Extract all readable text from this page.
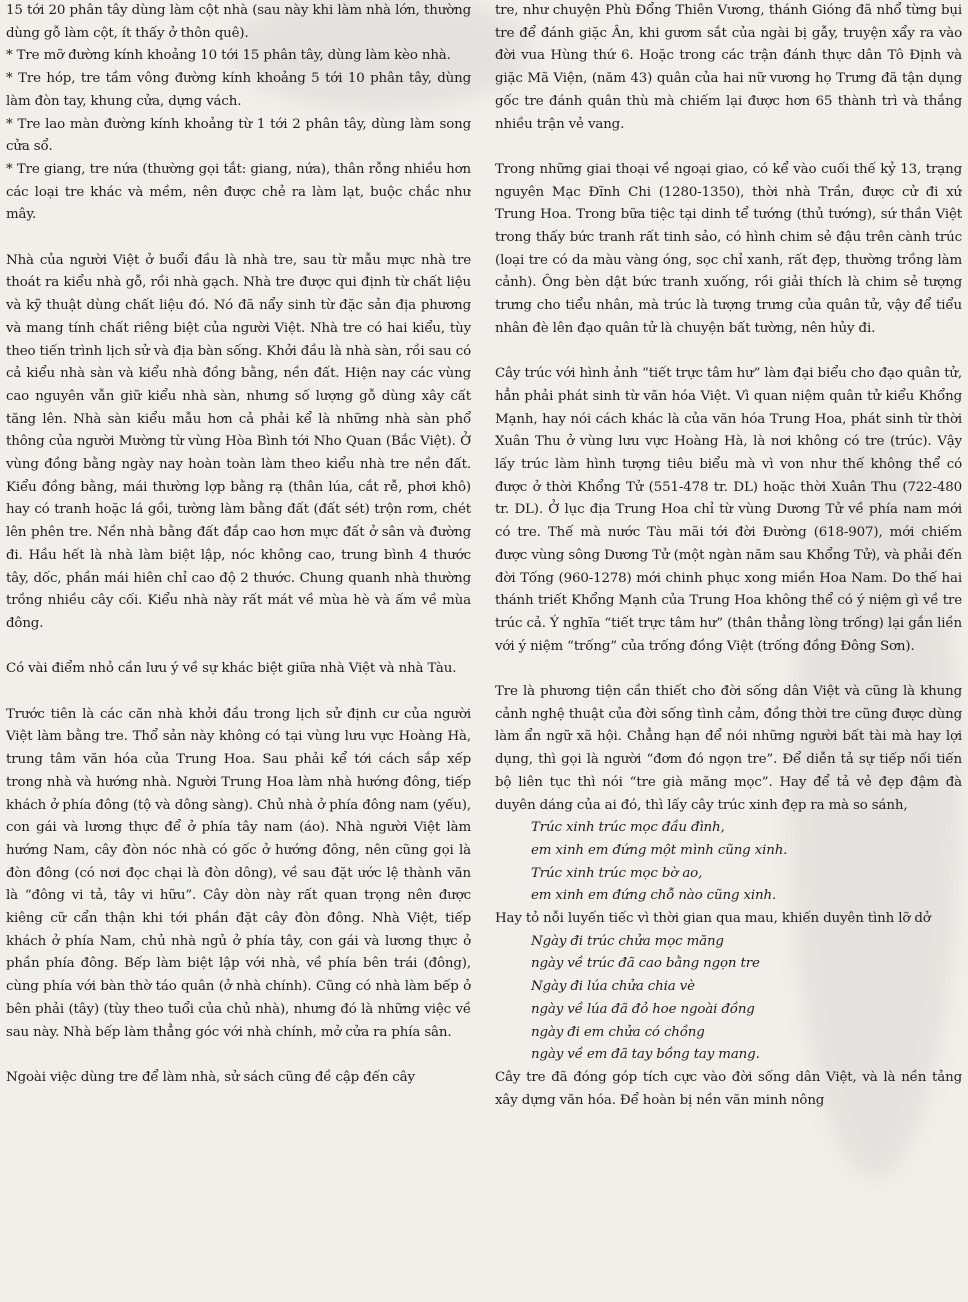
15 tới 20 phân tây dùng làm cột nhà (sau này khi làm nhà lớn, thường dùng gỗ làm cột, ít thấy ở thôn quê).

* Tre mỡ đường kính khoảng 10 tới 15 phân tây, dùng làm kèo nhà.

* Tre hóp, tre tầm vông đường kính khoảng 5 tới 10 phân tây, dùng làm đòn tay, khung cửa, dựng vách.

* Tre lao màn đường kính khoảng từ 1 tới 2 phân tây, dùng làm song cửa sổ.

* Tre giang, tre nứa (thường gọi tắt: giang, nứa), thân rỗng nhiều hơn các loại tre khác và mềm, nên được chẻ ra làm lạt, buộc chắc như mây.

Nhà của người Việt ở buổi đầu là nhà tre, sau từ mẫu mực nhà tre thoát ra kiểu nhà gỗ, rồi nhà gạch. Nhà tre được qui định từ chất liệu và kỹ thuật dùng chất liệu đó. Nó đã nẩy sinh từ đặc sản địa phương và mang tính chất riêng biệt của người Việt. Nhà tre có hai kiểu, tùy theo tiến trình lịch sử và địa bàn sống. Khởi đầu là nhà sàn, rồi sau có cả kiểu nhà sàn và kiểu nhà đồng bằng, nền đất. Hiện nay các vùng cao nguyên vẫn giữ kiểu nhà sàn, nhưng số lượng gỗ dùng xây cất tăng lên. Nhà sàn kiểu mẫu hơn cả phải kể là những nhà sàn phổ thông của người Mường từ vùng Hòa Bình tới Nho Quan (Bắc Việt). Ở vùng đồng bằng ngày nay hoàn toàn làm theo kiểu nhà tre nền đất. Kiểu đồng bằng, mái thường lợp bằng rạ (thân lúa, cắt rễ, phơi khô) hay có tranh hoặc lá gồi, tường làm bằng đất (đất sét) trộn rơm, chét lên phên tre. Nền nhà bằng đất đắp cao hơn mực đất ở sân và đường đi. Hầu hết là nhà làm biệt lập, nóc không cao, trung bình 4 thước tây, dốc, phần mái hiên chỉ cao độ 2 thước. Chung quanh nhà thường trồng nhiều cây cối. Kiểu nhà này rất mát về mùa hè và ấm về mùa đông.

Có vài điểm nhỏ cần lưu ý về sự khác biệt giữa nhà Việt và nhà Tàu.

Trước tiên là các căn nhà khởi đầu trong lịch sử định cư của người Việt làm bằng tre. Thổ sản này không có tại vùng lưu vực Hoàng Hà, trung tâm văn hóa của Trung Hoa. Sau phải kể tới cách sắp xếp trong nhà và hướng nhà. Người Trung Hoa làm nhà hướng đông, tiếp khách ở phía đông (tộ và dông sàng). Chủ nhà ở phía đông nam (yếu), con gái và lương thực để ở phía tây nam (áo). Nhà người Việt làm hướng Nam, cây đòn nóc nhà có gốc ở hướng đông, nên cũng gọi là đòn đông (có nơi đọc chại là đòn dông), về sau đặt ước lệ thành văn là “đông vi tả, tây vi hữu”. Cây dòn này rất quan trọng nên được kiêng cữ cẩn thận khi tới phần đặt cây đòn đông. Nhà Việt, tiếp khách ở phía Nam, chủ nhà ngủ ở phía tây, con gái và lương thực ở phần phía đông. Bếp làm biệt lập với nhà, về phía bên trái (đông), cùng phía với bàn thờ táo quân (ở nhà chính). Cũng có nhà làm bếp ở bên phải (tây) (tùy theo tuổi của chủ nhà), nhưng đó là những việc về sau này. Nhà bếp làm thẳng góc với nhà chính, mở cửa ra phía sân.

Ngoài việc dùng tre để làm nhà, sử sách cũng đề cập đến cây

tre, như chuyện Phù Đổng Thiên Vương, thánh Gióng đã nhổ từng bụi tre để đánh giặc Ân, khi gươm sắt của ngài bị gẫy, truyện xẩy ra vào đời vua Hùng thứ 6. Hoặc trong các trận đánh thực dân Tô Định và giặc Mã Viện, (năm 43) quân của hai nữ vương họ Trưng đã tận dụng gốc tre đánh quân thù mà chiếm lại được hơn 65 thành trì và thắng nhiều trận vẻ vang.

Trong những giai thoại về ngoại giao, có kể vào cuối thế kỷ 13, trạng nguyên Mạc Đĩnh Chi (1280-1350), thời nhà Trần, được cử đi xứ Trung Hoa. Trong bữa tiệc tại dinh tể tướng (thủ tướng), sứ thần Việt trong thấy bức tranh rất tinh sảo, có hình chim sẻ đậu trên cành trúc (loại tre có da màu vàng óng, sọc chỉ xanh, rất đẹp, thường trồng làm cảnh). Ông bèn dật bức tranh xuống, rồi giải thích là chim sẻ tượng trưng cho tiểu nhân, mà trúc là tượng trưng của quân tử, vậy để tiểu nhân đè lên đạo quân tử là chuyện bất tường, nên hủy đi.

Cây trúc với hình ảnh “tiết trực tâm hư” làm đại biểu cho đạo quân tử, hẳn phải phát sinh từ văn hóa Việt. Vì quan niệm quân tử kiểu Khổng Mạnh, hay nói cách khác là của văn hóa Trung Hoa, phát sinh từ thời Xuân Thu ở vùng lưu vực Hoàng Hà, là nơi không có tre (trúc). Vậy lấy trúc làm hình tượng tiêu biểu mà vì von như thế không thể có được ở thời Khổng Tử (551-478 tr. DL) hoặc thời Xuân Thu (722-480 tr. DL). Ở lục địa Trung Hoa chỉ từ vùng Dương Tử về phía nam mới có tre. Thế mà nước Tàu mãi tới đời Đường (618-907), mới chiếm được vùng sông Dương Tử (một ngàn năm sau Khổng Tử), và phải đến đời Tống (960-1278) mới chinh phục xong miền Hoa Nam. Do thế hai thánh triết Khổng Mạnh của Trung Hoa không thể có ý niệm gì về tre trúc cả. Ý nghĩa “tiết trực tâm hư” (thân thẳng lòng trống) lại gắn liền với ý niệm “trống” của trống đồng Việt (trống đồng Đông Sơn).

Tre là phương tiện cần thiết cho đời sống dân Việt và cũng là khung cảnh nghệ thuật của đời sống tình cảm, đồng thời tre cũng được dùng làm ẩn ngữ xã hội. Chẳng hạn để nói những người bất tài mà hay lợi dụng, thì gọi là người “đơm đó ngọn tre”. Để diễn tả sự tiếp nối tiến bộ liên tục thì nói “tre già măng mọc”. Hay để tả vẻ đẹp đậm đà duyên dáng của ai đó, thì lấy cây trúc xinh đẹp ra mà so sánh,

Trúc xinh trúc mọc đầu đình,
em xinh em đứng một mình cũng xinh.
Trúc xinh trúc mọc bờ ao,
em xinh em đứng chỗ nào cũng xinh.

Hay tỏ nỗi luyến tiếc vì thời gian qua mau, khiến duyên tình lỡ dở

Ngày đi trúc chửa mọc măng
ngày về trúc đã cao bằng ngọn tre
Ngày đi lúa chửa chia vè
ngày về lúa đã đỏ hoe ngoài đồng
ngày đi em chửa có chồng
ngày về em đã tay bồng tay mang.

Cây tre đã đóng góp tích cực vào đời sống dân Việt, và là nền tảng xây dựng văn hóa. Để hoàn bị nền văn minh nông
